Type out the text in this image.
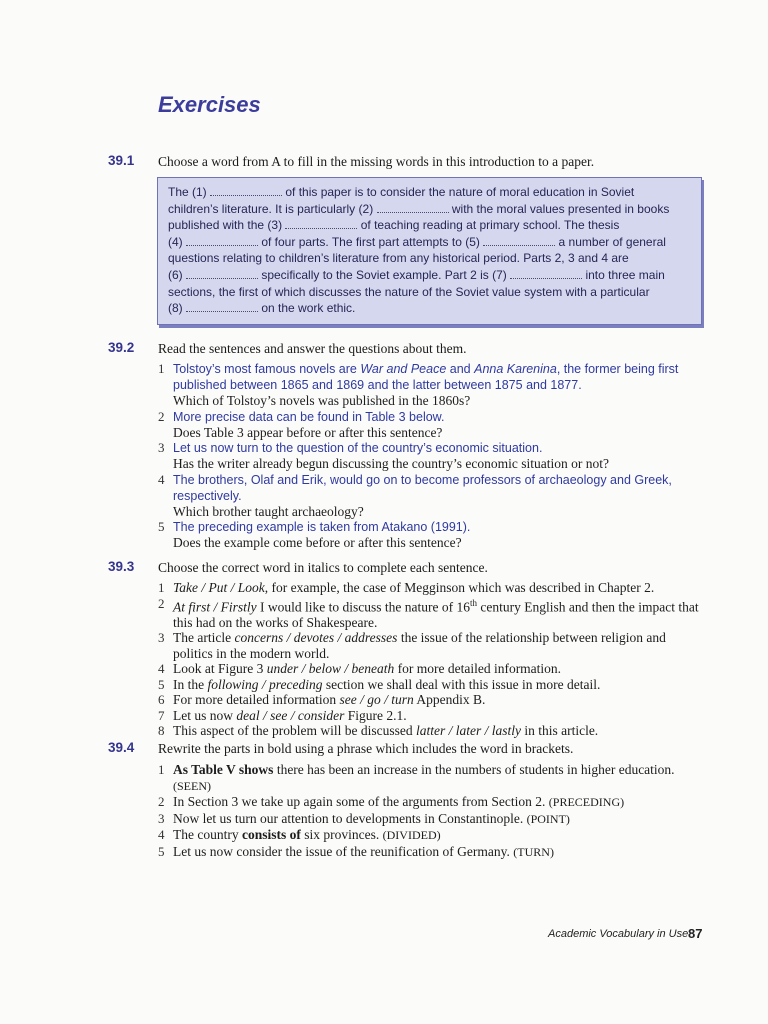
Exercises
39.1 Choose a word from A to fill in the missing words in this introduction to a paper.
The (1)	of this paper is to consider the nature of moral education in Soviet
children’s literature. It is particularly (2)	with the moral values presented in books
published with the (3)	of teaching reading at primary school. The thesis
(4)	of four parts. The first part attempts to (5)	a number of general
questions relating to children’s literature from any historical period. Parts 2, 3 and 4 are
(6)	specifically to the Soviet example. Part 2 is (7)	into three main
sections, the first of which discusses the nature of the Soviet value system with a particular
(8)	on the work ethic.
39.2 Read the sentences and answer the questions about them.
1 Tolstoy’s most famous novels are War and Peace and Anna Karenina, the former being first published between 1865 and 1869 and the latter between 1875 and 1877.
Which of Tolstoy’s novels was published in the 1860s?
2 More precise data can be found in Table 3 below.
Does Table 3 appear before or after this sentence?
3 Let us now turn to the question of the country’s economic situation.
Has the writer already begun discussing the country’s economic situation or not?
4 The brothers, Olaf and Erik, would go on to become professors of archaeology and Greek, respectively.
Which brother taught archaeology?
5 The preceding example is taken from Atakano (1991).
Does the example come before or after this sentence?
39.3 Choose the correct word in italics to complete each sentence.
1 Take / Put / Look, for example, the case of Megginson which was described in Chapter 2.
2 At first / Firstly I would like to discuss the nature of 16th century English and then the impact that this had on the works of Shakespeare.
3 The article concerns / devotes / addresses the issue of the relationship between religion and politics in the modern world.
4 Look at Figure 3 under / below / beneath for more detailed information.
5 In the following / preceding section we shall deal with this issue in more detail.
6 For more detailed information see / go / turn Appendix B.
7 Let us now deal / see / consider Figure 2.1.
8 This aspect of the problem will be discussed latter / later / lastly in this article.
39.4 Rewrite the parts in bold using a phrase which includes the word in brackets.
1 As Table V shows there has been an increase in the numbers of students in higher education. (SEEN)
2 In Section 3 we take up again some of the arguments from Section 2. (PRECEDING)
3 Now let us turn our attention to developments in Constantinople. (POINT)
4 The country consists of six provinces. (DIVIDED)
5 Let us now consider the issue of the reunification of Germany. (TURN)
Academic Vocabulary in Use 87
